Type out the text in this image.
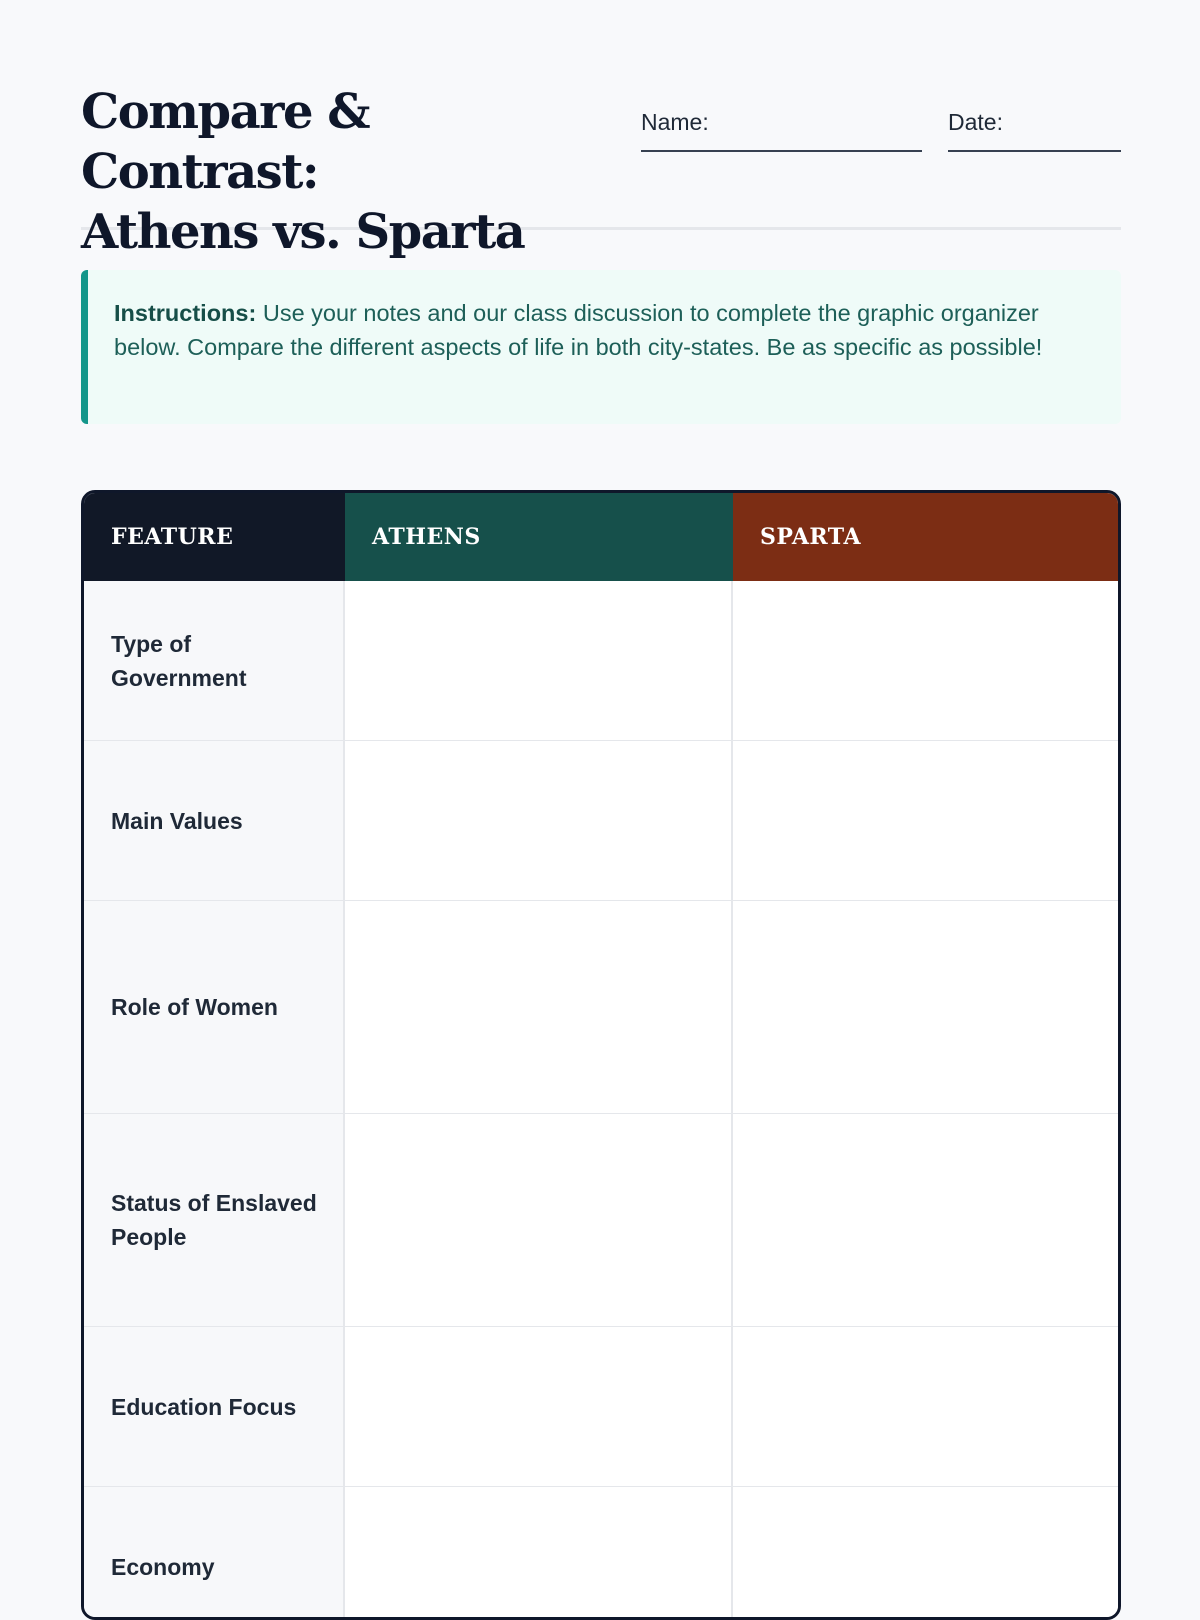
Compare & Contrast:
Athens vs. Sparta
Name:	Date:
Instructions: Use your notes and our class discussion to complete the graphic organizer below. Compare the different aspects of life in both city-states. Be as specific as possible!
FEATURE	ATHENS	SPARTA
Type of Government
Main Values
Role of Women
Status of Enslaved People
Education Focus
Economy
